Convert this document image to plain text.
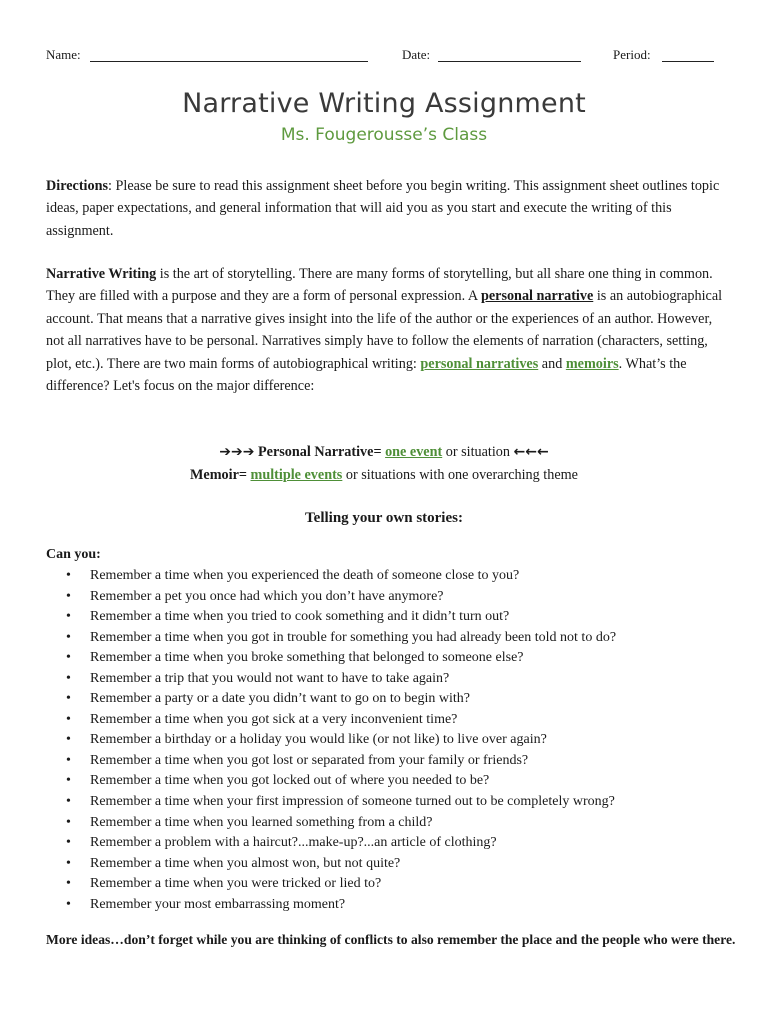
Name:	Date:	Period:
Narrative Writing Assignment
Ms. Fougerousse’s Class

Directions: Please be sure to read this assignment sheet before you begin writing. This assignment sheet outlines topic ideas, paper expectations, and general information that will aid you as you start and execute the writing of this assignment.

Narrative Writing is the art of storytelling. There are many forms of storytelling, but all share one thing in common. They are filled with a purpose and they are a form of personal expression. A personal narrative is an autobiographical account. That means that a narrative gives insight into the life of the author or the experiences of an author. However, not all narratives have to be personal. Narratives simply have to follow the elements of narration (characters, setting, plot, etc.). There are two main forms of autobiographical writing: personal narratives and memoirs. What’s the difference? Let's focus on the major difference:

➔➔➔ Personal Narrative= one event or situation ←←←
Memoir= multiple events or situations with one overarching theme
Telling your own stories:
Can you:
• Remember a time when you experienced the death of someone close to you?
• Remember a pet you once had which you don’t have anymore?
• Remember a time when you tried to cook something and it didn’t turn out?
• Remember a time when you got in trouble for something you had already been told not to do?
• Remember a time when you broke something that belonged to someone else?
• Remember a trip that you would not want to have to take again?
• Remember a party or a date you didn’t want to go on to begin with?
• Remember a time when you got sick at a very inconvenient time?
• Remember a birthday or a holiday you would like (or not like) to live over again?
• Remember a time when you got lost or separated from your family or friends?
• Remember a time when you got locked out of where you needed to be?
• Remember a time when your first impression of someone turned out to be completely wrong?
• Remember a time when you learned something from a child?
• Remember a problem with a haircut?...make-up?...an article of clothing?
• Remember a time when you almost won, but not quite?
• Remember a time when you were tricked or lied to?
• Remember your most embarrassing moment?

More ideas…don’t forget while you are thinking of conflicts to also remember the place and the people who were there.
